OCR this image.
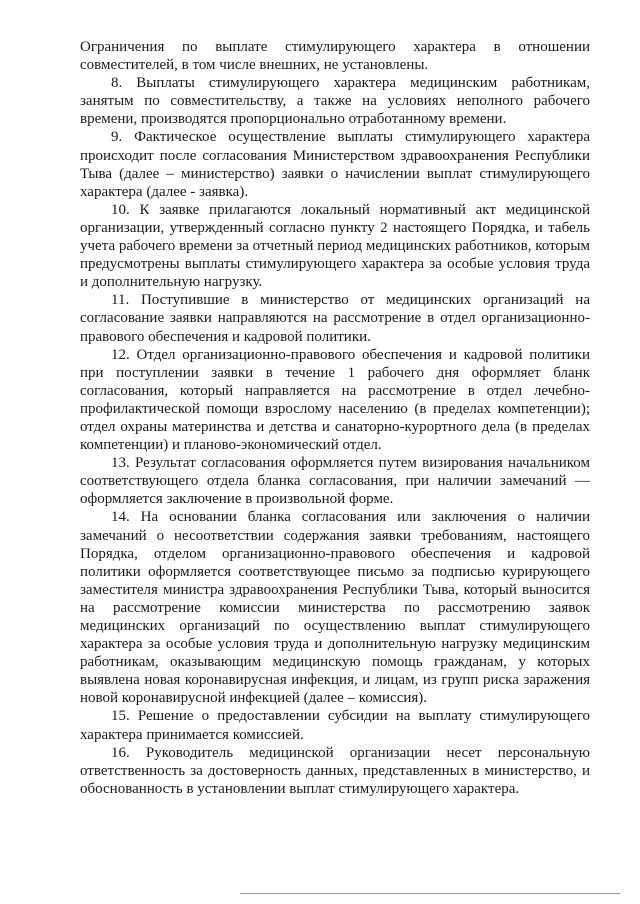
Ограничения по выплате стимулирующего характера в отношении совместителей, в том числе внешних, не установлены.

8. Выплаты стимулирующего характера медицинским работникам, занятым по совместительству, а также на условиях неполного рабочего времени, производятся пропорционально отработанному времени.

9. Фактическое осуществление выплаты стимулирующего характера происходит после согласования Министерством здравоохранения Республики Тыва (далее – министерство) заявки о начислении выплат стимулирующего характера (далее - заявка).

10. К заявке прилагаются локальный нормативный акт медицинской организации, утвержденный согласно пункту 2 настоящего Порядка, и табель учета рабочего времени за отчетный период медицинских работников, которым предусмотрены выплаты стимулирующего характера за особые условия труда и дополнительную нагрузку.

11. Поступившие в министерство от медицинских организаций на согласование заявки направляются на рассмотрение в отдел организационно-правового обеспечения и кадровой политики.

12. Отдел организационно-правового обеспечения и кадровой политики при поступлении заявки в течение 1 рабочего дня оформляет бланк согласования, который направляется на рассмотрение в отдел лечебно-профилактической помощи взрослому населению (в пределах компетенции); отдел охраны материнства и детства и санаторно-курортного дела (в пределах компетенции) и планово-экономический отдел.

13. Результат согласования оформляется путем визирования начальником соответствующего отдела бланка согласования, при наличии замечаний — оформляется заключение в произвольной форме.

14. На основании бланка согласования или заключения о наличии замечаний о несоответствии содержания заявки требованиям, настоящего Порядка, отделом организационно-правового обеспечения и кадровой политики оформляется соответствующее письмо за подписью курирующего заместителя министра здравоохранения Республики Тыва, который выносится на рассмотрение комиссии министерства по рассмотрению заявок медицинских организаций по осуществлению выплат стимулирующего характера за особые условия труда и дополнительную нагрузку медицинским работникам, оказывающим медицинскую помощь гражданам, у которых выявлена новая коронавирусная инфекция, и лицам, из групп риска заражения новой коронавирусной инфекцией (далее – комиссия).

15. Решение о предоставлении субсидии на выплату стимулирующего характера принимается комиссией.

16. Руководитель медицинской организации несет персональную ответственность за достоверность данных, представленных в министерство, и обоснованность в установлении выплат стимулирующего характера.
